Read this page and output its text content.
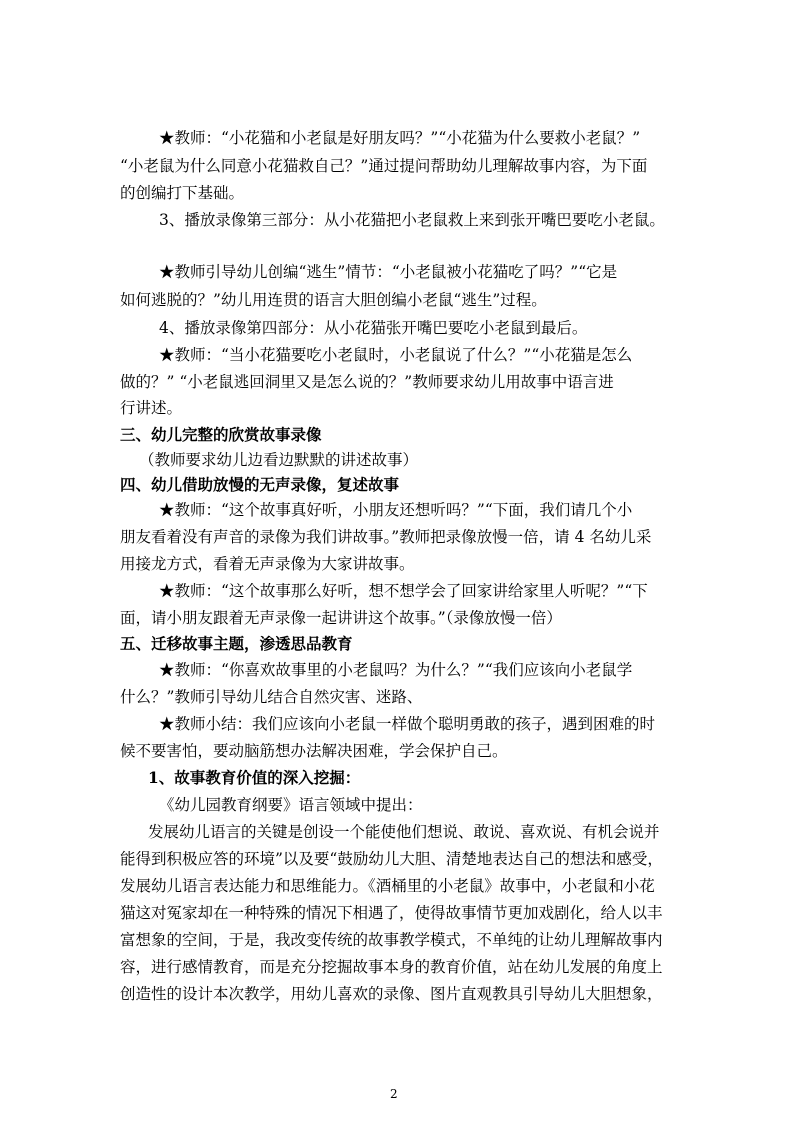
★教师：“小花猫和小老鼠是好朋友吗？”“小花猫为什么要救小老鼠？”
“小老鼠为什么同意小花猫救自己？”通过提问帮助幼儿理解故事内容，为下面
的创编打下基础。
3、播放录像第三部分：从小花猫把小老鼠救上来到张开嘴巴要吃小老鼠。
★教师引导幼儿创编“逃生”情节：“小老鼠被小花猫吃了吗？”“它是
如何逃脱的？”幼儿用连贯的语言大胆创编小老鼠“逃生”过程。
4、播放录像第四部分：从小花猫张开嘴巴要吃小老鼠到最后。
★教师：“当小花猫要吃小老鼠时，小老鼠说了什么？”“小花猫是怎么
做的？” “小老鼠逃回洞里又是怎么说的？”教师要求幼儿用故事中语言进
行讲述。
三、幼儿完整的欣赏故事录像
（教师要求幼儿边看边默默的讲述故事）
四、幼儿借助放慢的无声录像，复述故事
★教师：“这个故事真好听，小朋友还想听吗？”“下面，我们请几个小
朋友看着没有声音的录像为我们讲故事。”教师把录像放慢一倍，请 4 名幼儿采
用接龙方式，看着无声录像为大家讲故事。
★教师：“这个故事那么好听，想不想学会了回家讲给家里人听呢？”“下
面，请小朋友跟着无声录像一起讲讲这个故事。”（录像放慢一倍）
五、迁移故事主题，渗透思品教育
★教师：“你喜欢故事里的小老鼠吗？为什么？”“我们应该向小老鼠学
什么？”教师引导幼儿结合自然灾害、迷路、
★教师小结：我们应该向小老鼠一样做个聪明勇敢的孩子，遇到困难的时
候不要害怕，要动脑筋想办法解决困难，学会保护自己。
1、故事教育价值的深入挖掘：
《幼儿园教育纲要》语言领域中提出：
发展幼儿语言的关键是创设一个能使他们想说、敢说、喜欢说、有机会说并
能得到积极应答的环境”以及要“鼓励幼儿大胆、清楚地表达自己的想法和感受，
发展幼儿语言表达能力和思维能力。《酒桶里的小老鼠》故事中，小老鼠和小花
猫这对冤家却在一种特殊的情况下相遇了，使得故事情节更加戏剧化，给人以丰
富想象的空间，于是，我改变传统的故事教学模式，不单纯的让幼儿理解故事内
容，进行感情教育，而是充分挖掘故事本身的教育价值，站在幼儿发展的角度上
创造性的设计本次教学，用幼儿喜欢的录像、图片直观教具引导幼儿大胆想象，
2
